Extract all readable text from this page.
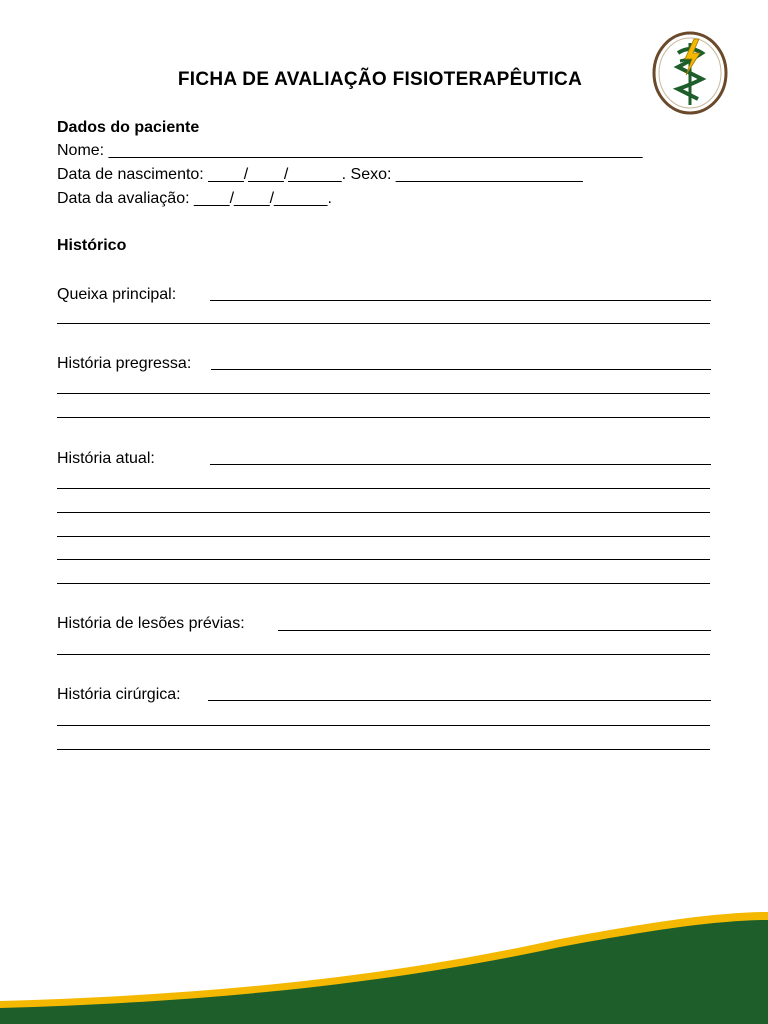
FICHA DE AVALIAÇÃO FISIOTERAPÊUTICA
Dados do paciente
Nome: ____________________________________________________________
Data de nascimento: ____/____/______. Sexo: _____________________
Data da avaliação: ____/____/______.
Histórico
Queixa principal:
História pregressa:
História atual:
História de lesões prévias:
História cirúrgica:
